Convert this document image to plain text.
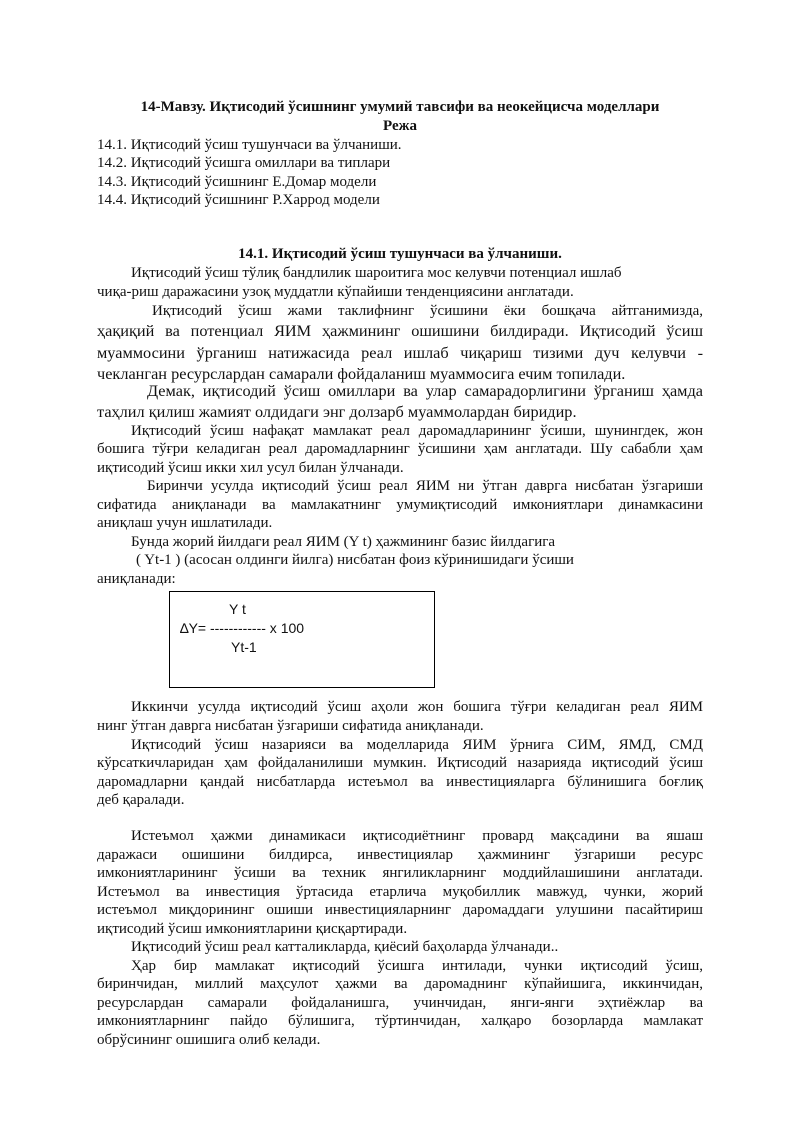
14-Мавзу. Иқтисодий ўсишнинг умумий тавсифи ва неокейцисча моделлари
Режа
14.1. Иқтисодий ўсиш тушунчаси ва ўлчаниши.
14.2. Иқтисодий ўсишга омиллари ва типлари
14.3. Иқтисодий ўсишнинг Е.Домар модели
14.4. Иқтисодий ўсишнинг Р.Харрод модели
14.1. Иқтисодий ўсиш тушунчаси ва ўлчаниши.
Иқтисодий ўсиш тўлиқ бандлилик шароитига мос келувчи потенциал ишлаб
чиқа-риш даражасини узоқ муддатли кўпайиши тенденциясини англатади.
Иқтисодий ўсиш жами таклифнинг ўсишини ёки бошқача айтганимизда,
ҳақиқий ва потенциал ЯИМ ҳажмининг ошишини билдиради. Иқтисодий ўсиш
муаммосини ўрганиш натижасида реал ишлаб чиқариш тизими дуч келувчи -
чекланган ресурслардан самарали фойдаланиш муаммосига ечим топилади.
Демак, иқтисодий ўсиш омиллари ва улар самарадорлигини ўрганиш ҳамда
таҳлил қилиш жамият олдидаги энг долзарб муаммолардан биридир.
Иқтисодий ўсиш нафақат мамлакат реал даромадларининг ўсиши, шунингдек, жон
бошига тўғри келадиган реал даромадларнинг ўсишини ҳам англатади. Шу сабабли ҳам
иқтисодий ўсиш икки хил усул билан ўлчанади.
Биринчи усулда иқтисодий ўсиш реал ЯИМ ни ўтган даврга нисбатан ўзгариши
сифатида аниқланади ва мамлакатнинг умумиқтисодий имкониятлари динамкасини
аниқлаш учун ишлатилади.
Бунда жорий йилдаги реал ЯИМ (Y t) ҳажмининг базис йилдагига
( Yt-1 ) (асосан олдинги йилга) нисбатан фоиз кўринишидаги ўсиши
аниқланади:
Y t
∆Y= ------------ x 100
Yt-1
Иккинчи усулда иқтисодий ўсиш аҳоли жон бошига тўғри келадиган реал ЯИМ
нинг ўтган даврга нисбатан ўзгариши сифатида аниқланади.
Иқтисодий ўсиш назарияси ва моделларида ЯИМ ўрнига СИМ, ЯМД, СМД
кўрсаткичларидан ҳам фойдаланилиши мумкин. Иқтисодий назарияда иқтисодий ўсиш
даромадларни қандай нисбатларда истеъмол ва инвестицияларга бўлинишига боғлиқ
деб қаралади.
Истеъмол ҳажми динамикаси иқтисодиётнинг провард мақсадини ва яшаш
даражаси ошишини билдирса, инвестициялар ҳажмининг ўзгариши ресурс
имкониятларининг ўсиши ва техник янгиликларнинг моддийлашишини англатади.
Истеъмол ва инвестиция ўртасида етарлича муқобиллик мавжуд, чунки, жорий
истеъмол миқдорининг ошиши инвестицияларнинг даромаддаги улушини пасайтириш
иқтисодий ўсиш имкониятларини қисқартиради.
Иқтисодий ўсиш реал катталикларда, қиёсий баҳоларда ўлчанади..
Ҳар бир мамлакат иқтисодий ўсишга интилади, чунки иқтисодий ўсиш,
биринчидан, миллий маҳсулот ҳажми ва даромаднинг кўпайишига, иккинчидан,
ресурслардан самарали фойдаланишга, учинчидан, янги-янги эҳтиёжлар ва
имкониятларнинг пайдо бўлишига, тўртинчидан, халқаро бозорларда мамлакат
обрўсининг ошишига олиб келади.
